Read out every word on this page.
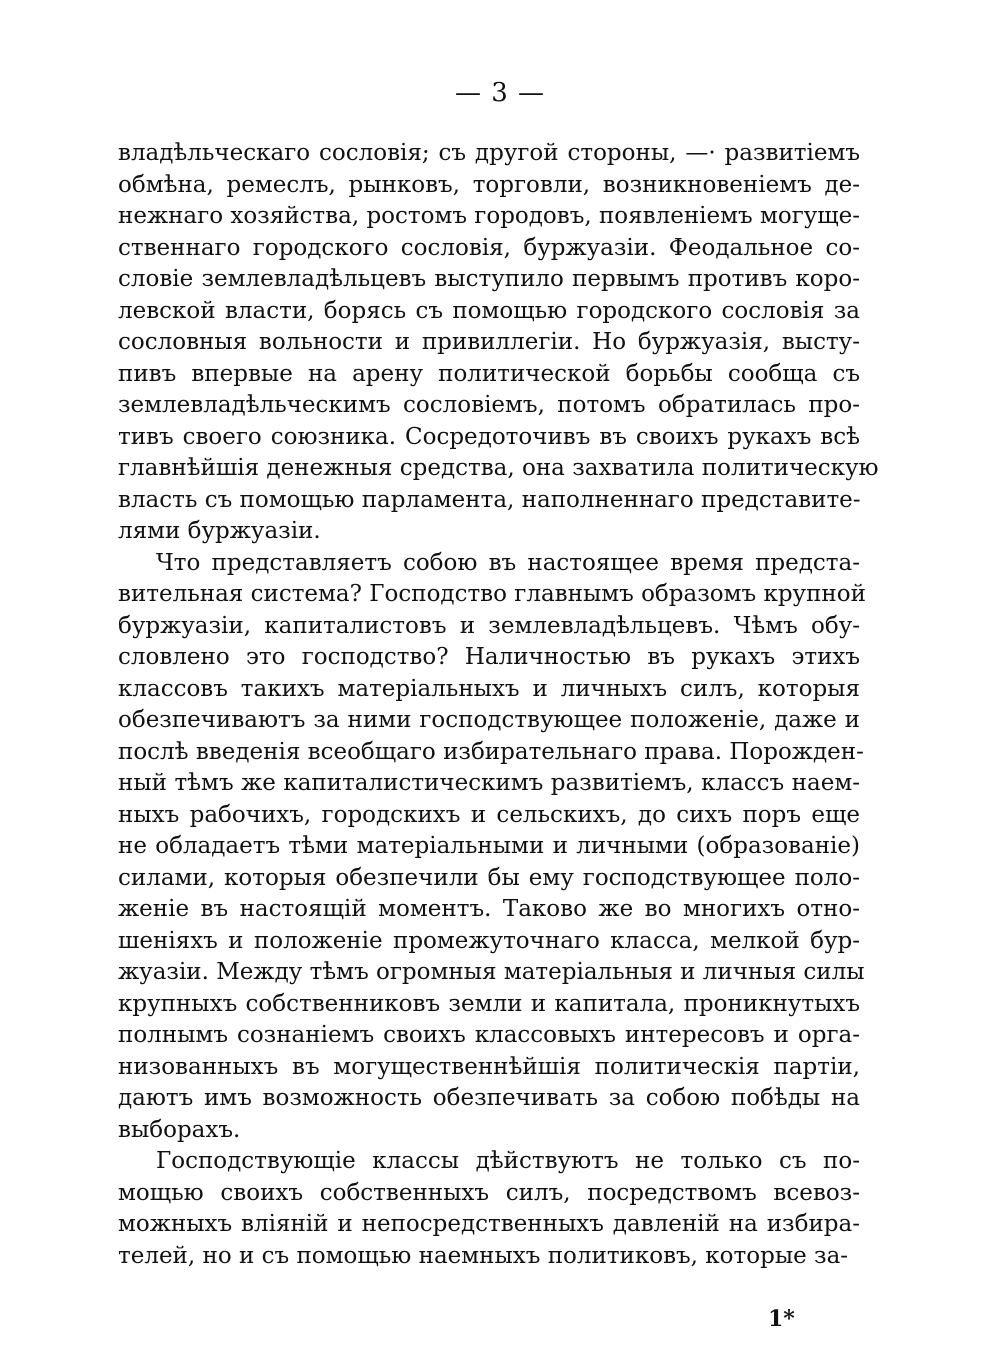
— 3 —
владѣльческаго сословія; съ другой стороны, —· развитіемъ
обмѣна, ремеслъ, рынковъ, торговли, возникновеніемъ де-
нежнаго хозяйства, ростомъ городовъ, появленіемъ могуще-
ственнаго городского сословія, буржуазіи. Феодальное со-
словіе землевладѣльцевъ выступило первымъ противъ коро-
левской власти, борясь съ помощью городского сословія за
сословныя вольности и привиллегіи. Но буржуазія, высту-
пивъ впервые на арену политической борьбы сообща съ
землевладѣльческимъ сословіемъ, потомъ обратилась про-
тивъ своего союзника. Сосредоточивъ въ своихъ рукахъ всѣ
главнѣйшія денежныя средства, она захватила политическую
власть съ помощью парламента, наполненнаго представите-
лями буржуазіи.
Что представляетъ собою въ настоящее время предста-
вительная система? Господство главнымъ образомъ крупной
буржуазіи, капиталистовъ и землевладѣльцевъ. Чѣмъ обу-
словлено это господство? Наличностью въ рукахъ этихъ
классовъ такихъ матеріальныхъ и личныхъ силъ, которыя
обезпечиваютъ за ними господствующее положеніе, даже и
послѣ введенія всеобщаго избирательнаго права. Порожден-
ный тѣмъ же капиталистическимъ развитіемъ, классъ наем-
ныхъ рабочихъ, городскихъ и сельскихъ, до сихъ поръ еще
не обладаетъ тѣми матеріальными и личными (образованіе)
силами, которыя обезпечили бы ему господствующее поло-
женіе въ настоящій моментъ. Таково же во многихъ отно-
шеніяхъ и положеніе промежуточнаго класса, мелкой бур-
жуазіи. Между тѣмъ огромныя матеріальныя и личныя силы
крупныхъ собственниковъ земли и капитала, проникнутыхъ
полнымъ сознаніемъ своихъ классовыхъ интересовъ и орга-
низованныхъ въ могущественнѣйшія политическія партіи,
даютъ имъ возможность обезпечивать за собою побѣды на
выборахъ.
Господствующіе классы дѣйствуютъ не только съ по-
мощью своихъ собственныхъ силъ, посредствомъ всевоз-
можныхъ вліяній и непосредственныхъ давленій на избира-
телей, но и съ помощью наемныхъ политиковъ, которые за-
1*
